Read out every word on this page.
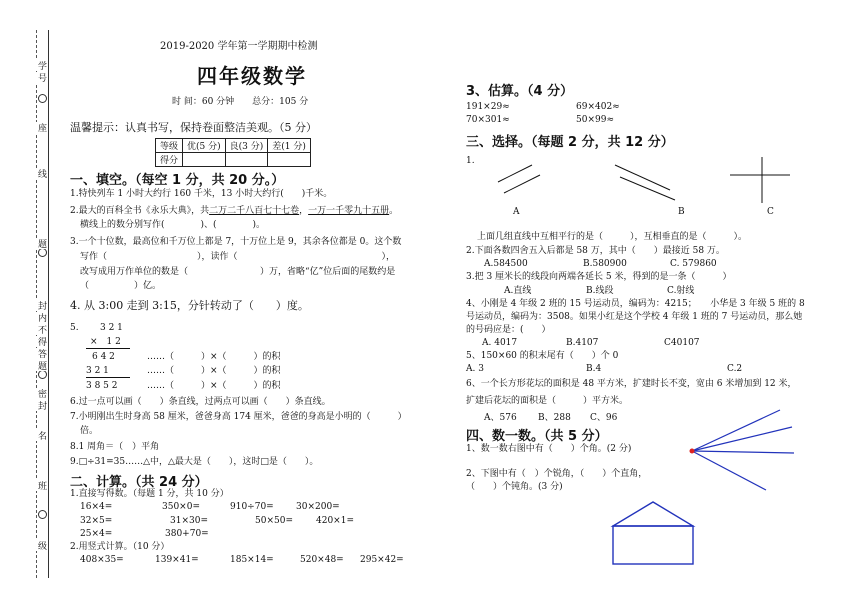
学
号
座
题
封
内
不
得
答
题
密
封
线
名
班
级
2019-2020 学年第一学期期中检测
四年级数学
时 间：60 分钟　　总分：105 分
温馨提示：认真书写，保持卷面整洁美观。（5 分）
等级	优(5 分)	良(3 分)	差(1 分)
得分			
一、填空。（每空 1 分，共 20 分。）
1.特快列车 1 小时大约行 160 千米，13 小时大约行(　　)千米。
2.最大的百科全书《永乐大典》，共二万二千八百七十七卷，一万一千零九十五册。
横线上的数分别写作(　　　　)、(　　　　)。
3.一个十位数，最高位和千万位上都是 7，十万位上是 9，其余各位都是 0。这个数
写作（　　　　　　　　　　），读作（　　　　　　　　　　　　　　　　），
改写成用万作单位的数是（　　　　　　　　）万，省略“亿”位后面的尾数约是
（　　　　　）亿。
4. 从 3:00 走到 3:15，分针转动了（　　）度。
5. 3 2 1
×　1 2
6 4 2
3 2 1
3 8 5 2
……（　　　）×（　　　）的积
……（　　　）×（　　　）的积
……（　　　）×（　　　）的积
6.过一点可以画（　　）条直线，过两点可以画（　　）条直线。
7.小明刚出生时身高 58 厘米，爸爸身高 174 厘米，爸爸的身高是小明的（　　　）
倍。
8.1 周角＝（　）平角
9.□÷31=35……△中，△最大是（　　），这时□是（　　）。
二、计算。（共 24 分）
1.直接写得数。（每题 1 分，共 10 分）
16×4=	350×0=	910÷70= 30×200=
32×5=	31×30=	50×50=	420×1=
25×4=	380+70=
2.用竖式计算。（10 分）
408×35=	139×41=	185×14=	520×48= 295×42=
3、估算。（4 分）
191×29≈	69×402≈
70×301≈	50×99≈
三、选择。（每题 2 分，共 12 分）
1.
A	B	C
上面几组直线中互相平行的是（　　　），互相垂直的是（　　　）。
2.下面各数四舍五入后都是 58 万，其中（　　）最接近 58 万。
A.584500	B.580900	C. 579860
3.把 3 厘米长的线段向两端各延长 5 米，得到的是一条（　　　）
A.直线	B.线段	C.射线
4、小刚是 4 年级 2 班的 15 号运动员，编码为：4215；　　小华是 3 年级 5 班的 8
号运动员，编码为：3508。如果小红是这个学校 4 年级 1 班的 7 号运动员，那么她
的号码应是：(　　）
A. 4017	B.4107	C40107
5、150×60 的积末尾有（　　）个 0
A. 3	B.4	C.2
6、一个长方形花坛的面积是 48 平方米，扩建时长不变，宽由 6 米增加到 12 米，
扩建后花坛的面积是（　　　）平方米。
A、576 B、288 C、96
四、数一数。（共 5 分）
1、数一数右图中有（　　）个角。(2 分)
2、下图中有（　）个锐角，（　　）个直角，
（　　）个钝角。(3 分)
